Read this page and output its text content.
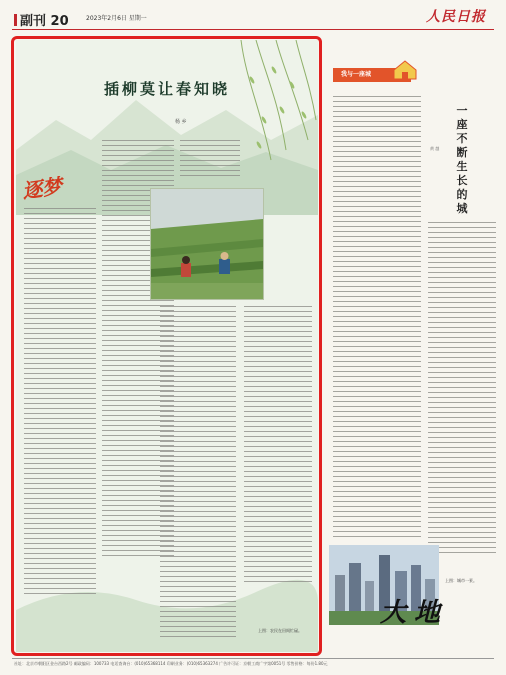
副刊 20	2023年2月6日 星期一	人民日报
插柳莫让春知晓
杨 乡
逐梦
上图：农民在田间忙碌。
我与一座城
一座不断生长的城
黄 越
上图：城市一景。
大地
社址：北京市朝阳区金台西路2号 邮政编码：100733 电话查询台：(010)65368114 印刷业务：(010)65363274 广告许可证：京朝工商广字第0051号 零售价格：每份1.80元
